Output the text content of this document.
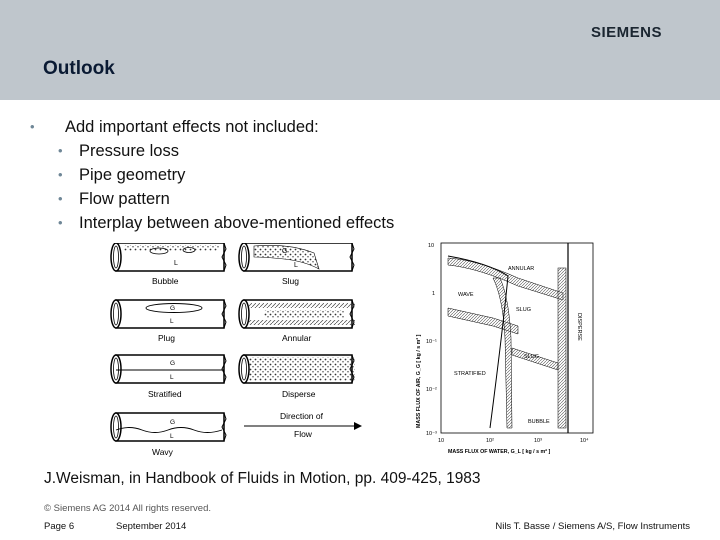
SIEMENS
Outlook
• Add important effects not included:
• Pressure loss
• Pipe geometry
• Flow pattern
• Interplay between above-mentioned effects
L
Bubble
G
L
Slug
G
L
Plug	Annular
G
L
Stratified	Disperse
G
L
Wavy
Direction of
Flow
MASS FLUX OF AIR, G_G [ kg / s m² ]
ANNULAR
WAVE
SLUG
SLUG
STRATIFIED
BUBBLE
DISPERSE
10
1
10⁻¹
10⁻²
10⁻³
10	10²	10³	10⁴
MASS FLUX OF WATER, G_L [ kg / s m² ]
J.Weisman, in Handbook of Fluids in Motion, pp. 409-425, 1983
© Siemens AG 2014 All rights reserved.
Page 6	September 2014	Nils T. Basse / Siemens A/S, Flow Instruments
